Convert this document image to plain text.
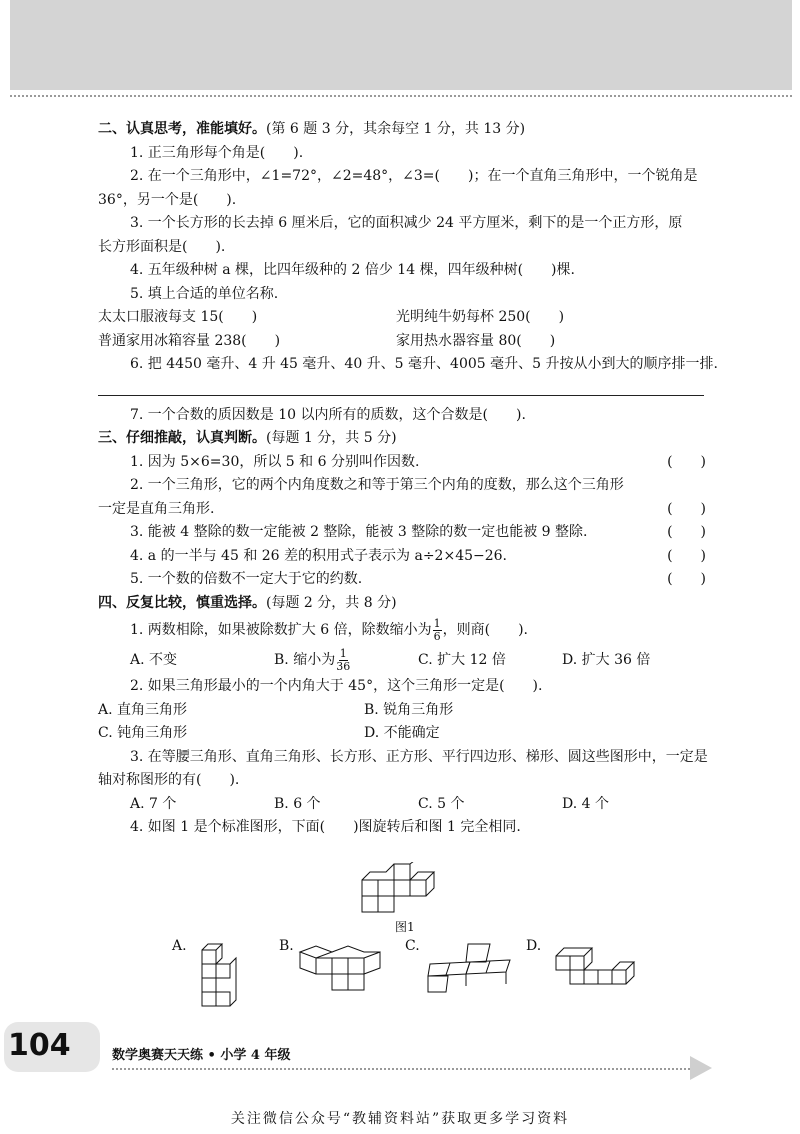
二、认真思考，准能填好。(第 6 题 3 分，其余每空 1 分，共 13 分)
1. 正三角形每个角是(　　).
2. 在一个三角形中，∠1=72°，∠2=48°，∠3=(　　)；在一个直角三角形中，一个锐角是
36°，另一个是(　　).
3. 一个长方形的长去掉 6 厘米后，它的面积减少 24 平方厘米，剩下的是一个正方形，原
长方形面积是(　　).
4. 五年级种树 a 棵，比四年级种的 2 倍少 14 棵，四年级种树(　　)棵.
5. 填上合适的单位名称.
太太口服液每支 15(　　)	光明纯牛奶每杯 250(　　)
普通家用冰箱容量 238(　　)	家用热水器容量 80(　　)
6. 把 4450 毫升、4 升 45 毫升、40 升、5 毫升、4005 毫升、5 升按从小到大的顺序排一排.
7. 一个合数的质因数是 10 以内所有的质数，这个合数是(　　).
三、仔细推敲，认真判断。(每题 1 分，共 5 分)
1. 因为 5×6=30，所以 5 和 6 分别叫作因数.	(　　)
2. 一个三角形，它的两个内角度数之和等于第三个内角的度数，那么这个三角形
一定是直角三角形.	(　　)
3. 能被 4 整除的数一定能被 2 整除，能被 3 整除的数一定也能被 9 整除.	(　　)
4. a 的一半与 45 和 26 差的积用式子表示为 a÷2×45−26.	(　　)
5. 一个数的倍数不一定大于它的约数.	(　　)
四、反复比较，慎重选择。(每题 2 分，共 8 分)
1. 两数相除，如果被除数扩大 6 倍，除数缩小为 $\frac{1}{6}$ ，则商(　　).
A. 不变	B. 缩小为 $\frac{1}{36}$	C. 扩大 12 倍	D. 扩大 36 倍
2. 如果三角形最小的一个内角大于 45°，这个三角形一定是(　　).
A. 直角三角形	B. 锐角三角形
C. 钝角三角形	D. 不能确定
3. 在等腰三角形、直角三角形、长方形、正方形、平行四边形、梯形、圆这些图形中，一定是
轴对称图形的有(　　).
A. 7 个	B. 6 个	C. 5 个	D. 4 个
4. 如图 1 是个标准图形，下面(　　)图旋转后和图 1 完全相同.
图1
A.	B.	C.	D.
104	数学奥赛天天练 • 小学 4 年级
关注微信公众号“教辅资料站”获取更多学习资料
